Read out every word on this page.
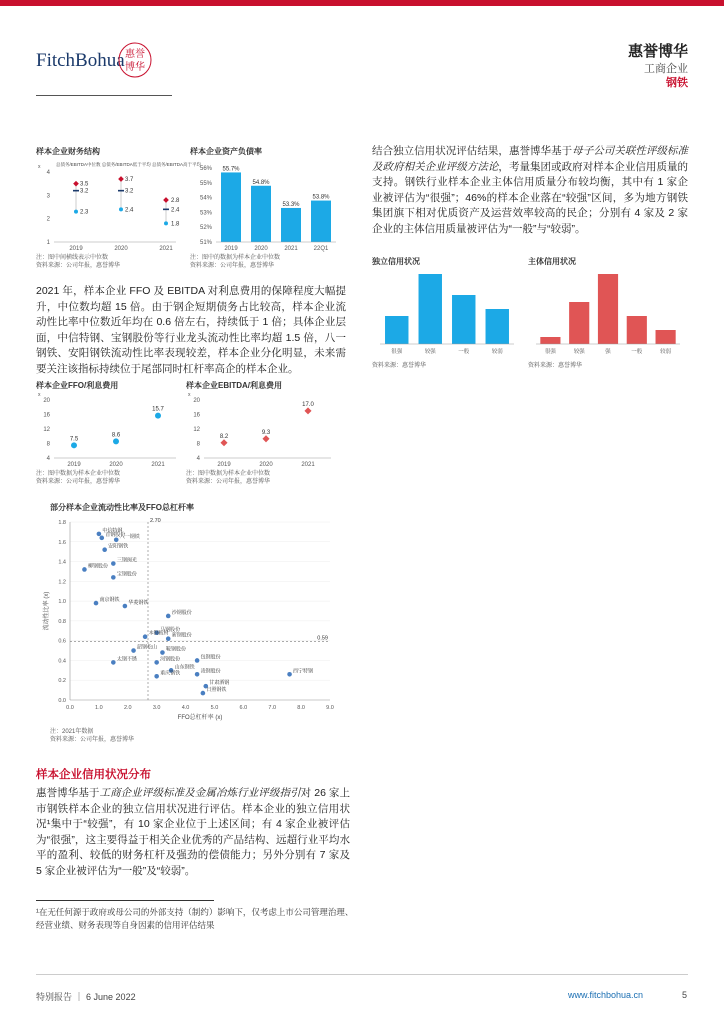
FitchBohua 惠誉
博华
惠誉博华
工商企业
钢铁
样本企业财务结构
总债务/EBITDA中位数 总债务/EBITDA低于平均 总债务/EBITDA高于平均
x
1
2
3
4
2019	2020	2021
3.5
3.7
2.8
3.2	3.2
2.4
2.3	2.4
1.8
注：图中间横线表示中位数
资料来源：公司年报，惠誉博华
样本企业资产负债率
51%
52%
53%
54%
55%
56% 55.7%
2019
54.8%
2020
53.3%
2021
53.8%
22Q1
注：图中的数据为样本企业中位数
资料来源：公司年报，惠誉博华
2021 年，样本企业 FFO 及 EBITDA 对利息费用的保障程度大幅提升，中位数均超 15 倍。由于钢企短期债务占比较高，样本企业流动性比率中位数近年均在 0.6 倍左右，持续低于 1 倍；具体企业层面，中信特钢、宝钢股份等行业龙头流动性比率均超 1.5 倍，八一钢铁、安阳钢铁流动性比率表现较差，样本企业分化明显，未来需要关注该指标持续位于尾部同时杠杆率高企的样本企业。
样本企业FFO/利息费用
x
4
8
12
16
20
7.5
2019
8.6
2020
15.7
2021
注：图中数据为样本企业中位数
资料来源：公司年报，惠誉博华
样本企业EBITDA/利息费用
x
4
8
12
16
20
8.2
2019
9.3
2020
17.0
2021
注：图中数据为样本企业中位数
资料来源：公司年报，惠誉博华
部分样本企业流动性比率及FFO总杠杆率
0.0
0.2
0.4
0.6
0.8
1.0
1.2
1.4
1.6
1.8
0.0	1.0	2.0	3.0	4.0	5.0	6.0	7.0	8.0	9.0
2.70
0.59
FFO总杠杆率 (x)
流动性比率 (x)
中信特钢
首钢股份
八一钢铁
安阳钢铁
三钢闽光
柳钢股份
宝钢股份
南京钢铁 华菱钢铁
沙钢股份
马钢股份
本钢板材 新钢股份
韶钢松山 鞍钢股份
太钢不锈	河钢股份	包钢股份
山东钢铁
凌钢股份
重庆钢铁
甘肃酒钢
西宁特钢
日照钢铁
注：2021年数据
资料来源：公司年报，惠誉博华
样本企业信用状况分布
惠誉博华基于工商企业评级标准及金属冶炼行业评级指引对 26 家上市钢铁样本企业的独立信用状况进行评估。样本企业的独立信用状况¹集中于“较强”，有 10 家企业位于上述区间；有 4 家企业被评估为“很强”，这主要得益于相关企业优秀的产品结构、远超行业平均水平的盈利、较低的财务杠杆及强劲的偿债能力；另外分别有 7 家及 5 家企业被评估为“一般”及“较弱”。
结合独立信用状况评估结果，惠誉博华基于母子公司关联性评级标准及政府相关企业评级方法论，考量集团或政府对样本企业信用质量的支持。钢铁行业样本企业主体信用质量分布较均衡，其中有 1 家企业被评估为“很强”；46%的样本企业落在“较强”区间，多为地方钢铁集团旗下相对优质资产及运营效率较高的民企；分别有 4 家及 2 家企业的主体信用质量被评估为“一般”与“较弱”。
独立信用状况
很强	较强	一般	较弱
资料来源：惠誉博华
主体信用状况
很强	较强	强	一般	较弱
资料来源：惠誉博华
¹在无任何源于政府或母公司的外部支持（制约）影响下，仅考虑上市公司管理治理、经营业绩、财务表现等自身因素的信用评估结果
特别报告 ｜ 6 June 2022	www.fitchbohua.cn	5
